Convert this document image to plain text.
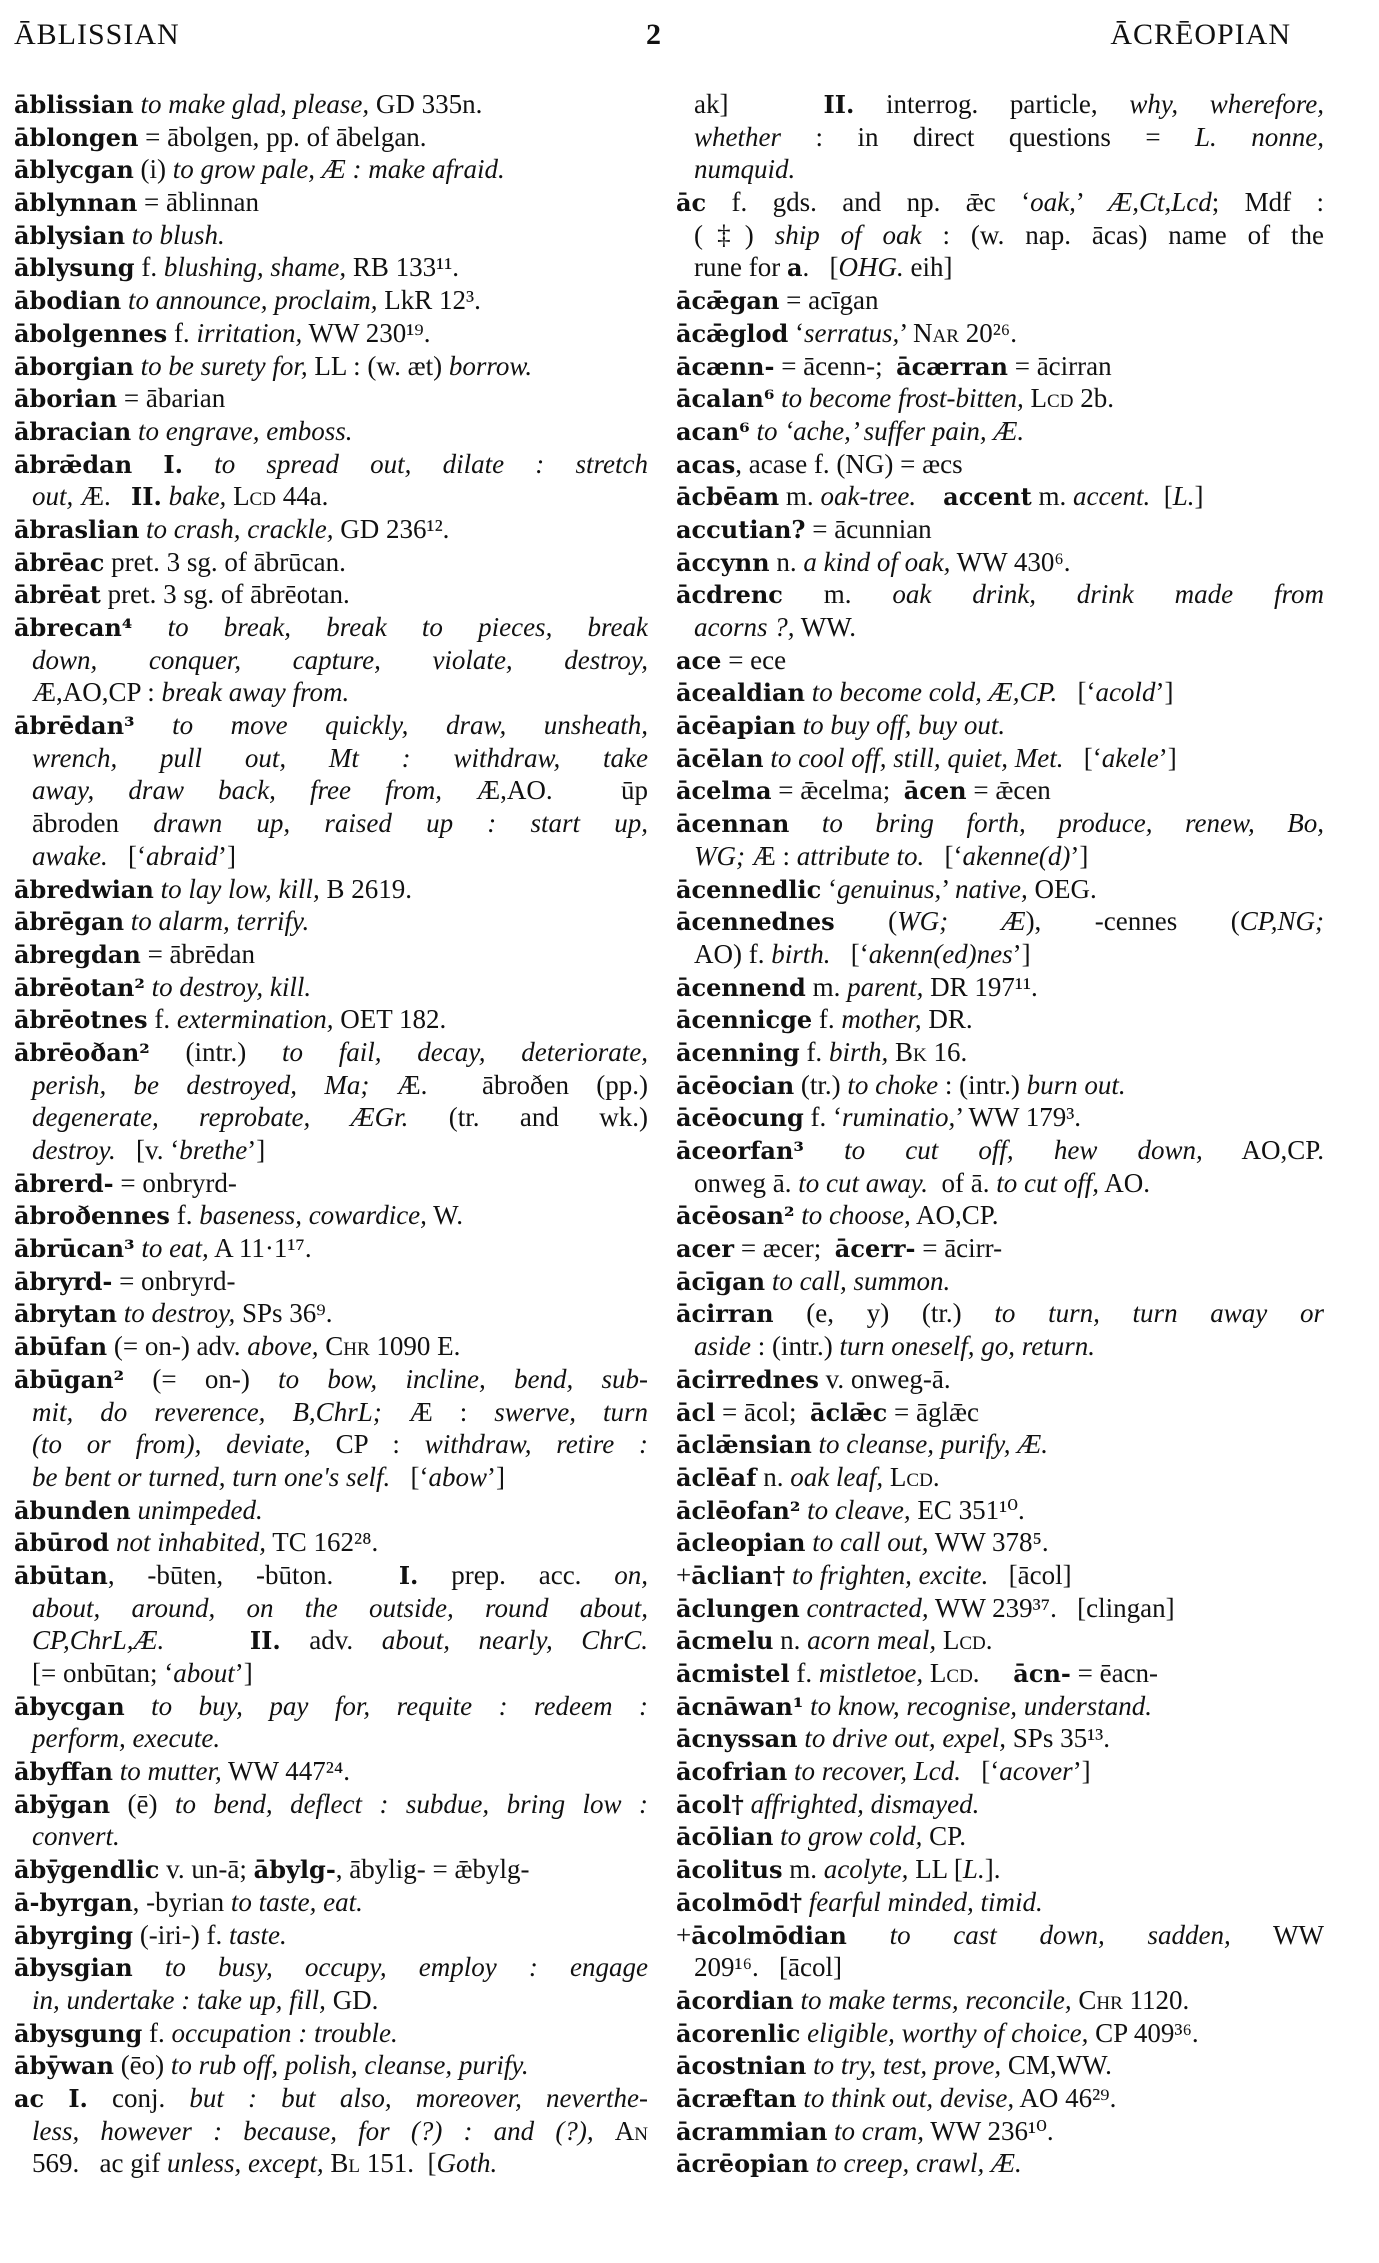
ĀBLISSIAN	2	ĀCRĒOPIAN
āblissian to make glad, please, GD 335n.
āblongen = ābolgen, pp. of ābelgan.
āblycgan (i) to grow pale, Æ : make afraid.
āblynnan = āblinnan
āblysian to blush.
āblysung f. blushing, shame, RB 133¹¹.
ābodian to announce, proclaim, LkR 12³.
ābolgennes f. irritation, WW 230¹⁹.
āborgian to be surety for, LL : (w. æt) borrow.
āborian = ābarian
ābracian to engrave, emboss.
ābrǣdan I. to spread out, dilate : stretch
out, Æ.   II. bake, Lcd 44a.
ābraslian to crash, crackle, GD 236¹².
ābrēac pret. 3 sg. of ābrūcan.
ābrēat pret. 3 sg. of ābrēotan.
ābrecan⁴ to break, break to pieces, break
down, conquer, capture, violate, destroy,
Æ,AO,CP : break away from.
ābrēdan³ to move quickly, draw, unsheath,
wrench, pull out, Mt : withdraw, take
away, draw back, free from, Æ,AO.  ūp
ābroden drawn up, raised up : start up,
awake.   [‘abraid’]
ābredwian to lay low, kill, B 2619.
ābrēgan to alarm, terrify.
ābregdan = ābrēdan
ābrēotan² to destroy, kill.
ābrēotnes f. extermination, OET 182.
ābrēoðan² (intr.) to fail, decay, deteriorate,
perish, be destroyed, Ma; Æ.  ābroðen (pp.)
degenerate, reprobate, ÆGr. (tr. and wk.)
destroy.   [v. ‘brethe’]
ābrerd- = onbryrd-
ābroðennes f. baseness, cowardice, W.
ābrūcan³ to eat, A 11·1¹⁷.
ābryrd- = onbryrd-
ābrytan to destroy, SPs 36⁹.
ābūfan (= on-) adv. above, Chr 1090 E.
ābūgan² (= on-) to bow, incline, bend, sub-
mit, do reverence, B,ChrL; Æ : swerve, turn
(to or from), deviate, CP : withdraw, retire :
be bent or turned, turn one's self.   [‘abow’]
ābunden unimpeded.
ābūrod not inhabited, TC 162²⁸.
ābūtan, -būten, -būton.  I. prep. acc. on,
about, around, on the outside, round about,
CP,ChrL,Æ.	II. adv. about, nearly, ChrC.
[= onbūtan; ‘about’]
ābycgan to buy, pay for, requite : redeem :
perform, execute.
ābyffan to mutter, WW 447²⁴.
ābȳgan (ē) to bend, deflect : subdue, bring low :
convert.
ābȳgendlic v. un-ā; ābylg-, ābylig- = ǣbylg-
ā-byrgan, -byrian to taste, eat.
ābyrging (-iri-) f. taste.
ābysgian to busy, occupy, employ : engage
in, undertake : take up, fill, GD.
ābysgung f. occupation : trouble.
ābȳwan (ēo) to rub off, polish, cleanse, purify.
ac I. conj. but : but also, moreover, neverthe-
less, however : because, for (?) : and (?), An
569.   ac gif unless, except, Bl 151.  [Goth.
ak]   II. interrog. particle, why, wherefore,
whether : in direct questions = L. nonne,
numquid.
āc f. gds. and np. ǣc ‘oak,’ Æ,Ct,Lcd; Mdf :
(‡) ship of oak : (w. nap. ācas) name of the
rune for a.   [OHG. eih]
ācǣgan = acīgan
ācǣglod ‘serratus,’ Nar 20²⁶.
ācænn- = ācenn-;  ācærran = ācirran
ācalan⁶ to become frost-bitten, Lcd 2b.
acan⁶ to ‘ache,’ suffer pain, Æ.
acas, acase f. (NG) = æcs
ācbēam m. oak-tree. accent m. accent.  [L.]
accutian? = ācunnian
āccynn n. a kind of oak, WW 430⁶.
ācdrenc m. oak drink, drink made from
acorns ?, WW.
ace = ece
ācealdian to become cold, Æ,CP.   [‘acold’]
ācēapian to buy off, buy out.
ācēlan to cool off, still, quiet, Met.   [‘akele’]
ācelma = ǣcelma;  ācen = ǣcen
ācennan to bring forth, produce, renew, Bo,
WG; Æ : attribute to.   [‘akenne(d)’]
ācennedlic ‘genuinus,’ native, OEG.
ācennednes (WG; Æ), -cennes (CP,NG;
AO) f. birth.   [‘akenn(ed)nes’]
ācennend m. parent, DR 197¹¹.
ācennicge f. mother, DR.
ācenning f. birth, Bk 16.
ācēocian (tr.) to choke : (intr.) burn out.
ācēocung f. ‘ruminatio,’ WW 179³.
āceorfan³ to cut off, hew down, AO,CP.
onweg ā. to cut away.  of ā. to cut off, AO.
ācēosan² to choose, AO,CP.
acer = æcer;  ācerr- = ācirr-
ācīgan to call, summon.
ācirran (e, y) (tr.) to turn, turn away or
aside : (intr.) turn oneself, go, return.
ācirrednes v. onweg-ā.
ācl = ācol;  āclǣc = āglǣc
āclǣnsian to cleanse, purify, Æ.
āclēaf n. oak leaf, Lcd.
āclēofan² to cleave, EC 351¹⁰.
ācleopian to call out, WW 378⁵.
+āclian† to frighten, excite.   [ācol]
āclungen contracted, WW 239³⁷.   [clingan]
ācmelu n. acorn meal, Lcd.
ācmistel f. mistletoe, Lcd.     ācn- = ēacn-
ācnāwan¹ to know, recognise, understand.
ācnyssan to drive out, expel, SPs 35¹³.
ācofrian to recover, Lcd.   [‘acover’]
ācol† affrighted, dismayed.
ācōlian to grow cold, CP.
ācolitus m. acolyte, LL [L.].
ācolmōd† fearful minded, timid.
+ācolmōdian to cast down, sadden, WW
209¹⁶.   [ācol]
ācordian to make terms, reconcile, Chr 1120.
ācorenlic eligible, worthy of choice, CP 409³⁶.
ācostnian to try, test, prove, CM,WW.
ācræftan to think out, devise, AO 46²⁹.
ācrammian to cram, WW 236¹⁰.
ācrēopian to creep, crawl, Æ.
